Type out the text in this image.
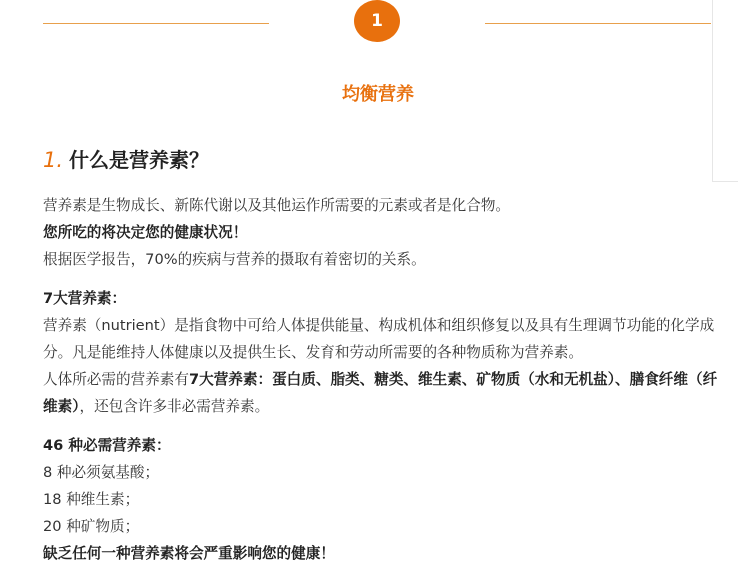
1
均衡营养
1. 什么是营养素？

营养素是生物成长、新陈代谢以及其他运作所需要的元素或者是化合物。

您所吃的将决定您的健康状况！

根据医学报告，70%的疾病与营养的摄取有着密切的关系。

7大营养素：

营养素（nutrient）是指食物中可给人体提供能量、构成机体和组织修复以及具有生理调节功能的化学成分。凡是能维持人体健康以及提供生长、发育和劳动所需要的各种物质称为营养素。

人体所必需的营养素有7大营养素：蛋白质、脂类、糖类、维生素、矿物质（水和无机盐）、膳食纤维（纤维素），还包含许多非必需营养素。

46 种必需营养素：

8 种必须氨基酸；

18 种维生素；

20 种矿物质；

缺乏任何一种营养素将会严重影响您的健康！
